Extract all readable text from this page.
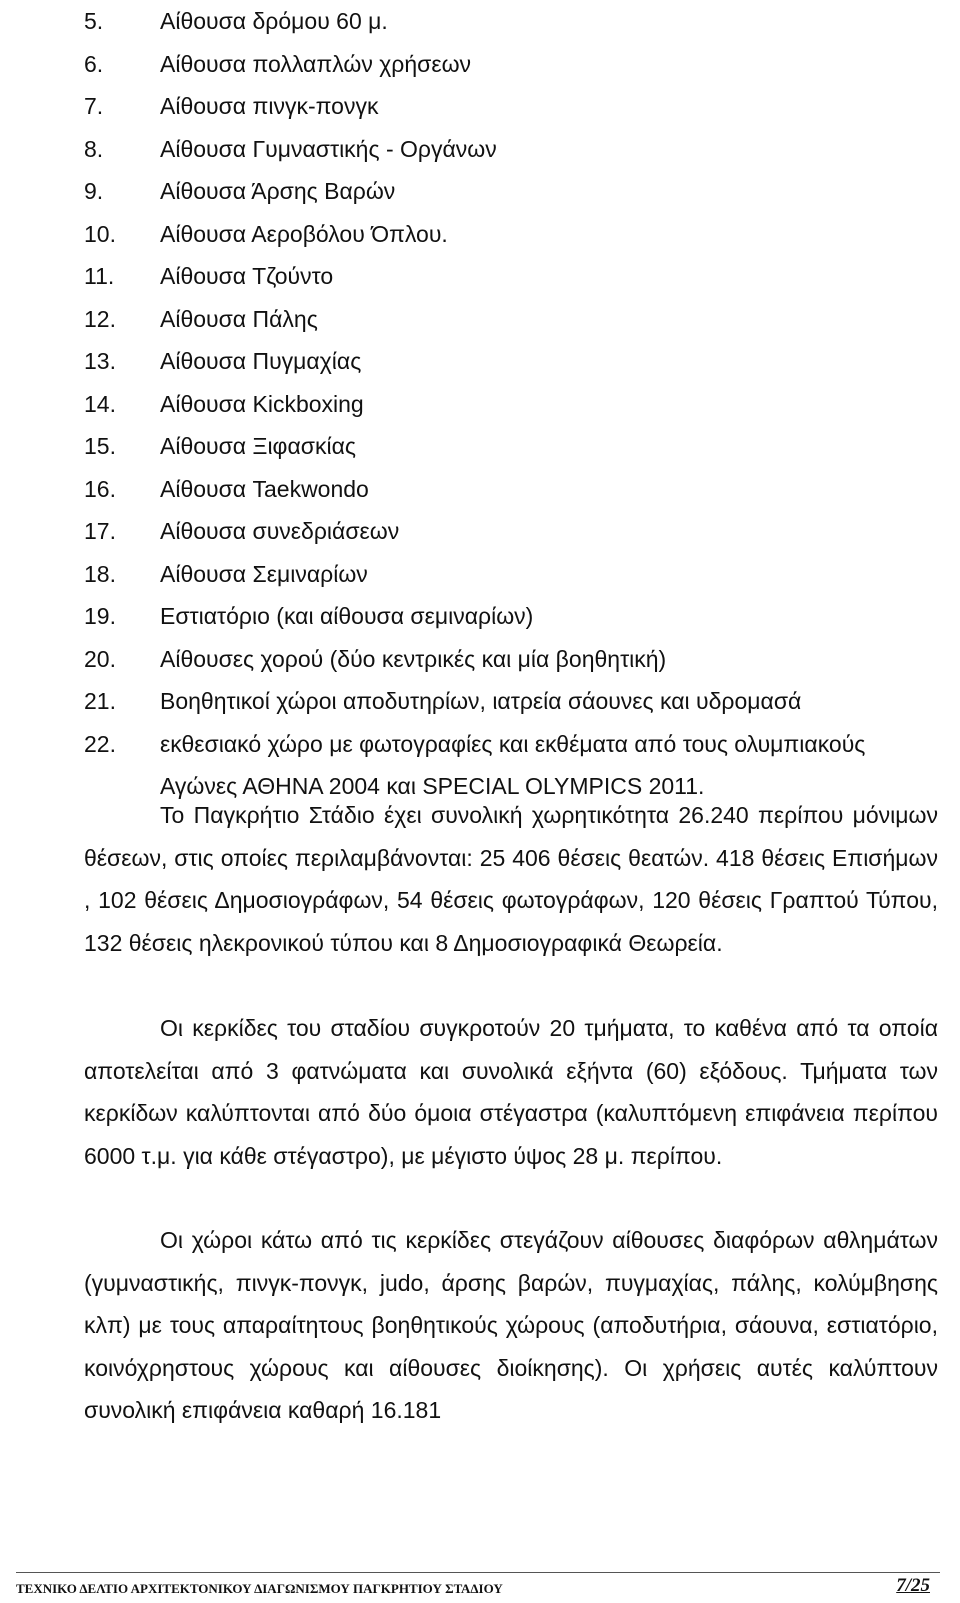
5.	Αίθουσα δρόμου 60 μ.
6.	Αίθουσα πολλαπλών χρήσεων
7.	Αίθουσα πινγκ-πονγκ
8.	Αίθουσα Γυμναστικής - Οργάνων
9.	Αίθουσα Άρσης Βαρών
10.	Αίθουσα Αεροβόλου Όπλου.
11.	Αίθουσα Τζούντο
12.	Αίθουσα Πάλης
13.	Αίθουσα Πυγμαχίας
14.	Αίθουσα Kickboxing
15.	Αίθουσα Ξιφασκίας
16.	Αίθουσα Taekwondo
17.	Αίθουσα συνεδριάσεων
18.	Αίθουσα Σεμιναρίων
19.	Εστιατόριο (και αίθουσα σεμιναρίων)
20.	Αίθουσες χορού (δύο κεντρικές και μία βοηθητική)
21.	Βοηθητικοί χώροι αποδυτηρίων, ιατρεία σάουνες και υδρομασά
22.	εκθεσιακό χώρο με φωτογραφίες και εκθέματα από τους ολυμπιακούς
Αγώνες ΑΘΗΝΑ 2004 και SPECIAL OLYMPICS 2011.

Το Παγκρήτιο Στάδιο έχει συνολική χωρητικότητα 26.240 περίπου μόνιμων θέσεων, στις οποίες περιλαμβάνονται: 25 406 θέσεις θεατών. 418 θέσεις Επισήμων , 102 θέσεις Δημοσιογράφων, 54 θέσεις φωτογράφων, 120 θέσεις Γραπτού Τύπου, 132 θέσεις ηλεκρονικού τύπου και 8 Δημοσιογραφικά Θεωρεία.

Οι κερκίδες του σταδίου συγκροτούν 20 τμήματα, το καθένα από τα οποία αποτελείται από 3 φατνώματα και συνολικά εξήντα (60) εξόδους. Τμήματα των κερκίδων καλύπτονται από δύο όμοια στέγαστρα (καλυπτόμενη επιφάνεια περίπου 6000 τ.μ. για κάθε στέγαστρο), με μέγιστο ύψος 28 μ. περίπου.

Οι χώροι κάτω από τις κερκίδες στεγάζουν αίθουσες διαφόρων αθλημάτων (γυμναστικής, πινγκ-πονγκ, judo, άρσης βαρών, πυγμαχίας, πάλης, κολύμβησης κλπ) με τους απαραίτητους βοηθητικούς χώρους (αποδυτήρια, σάουνα, εστιατόριο, κοινόχρηστους χώρους και αίθουσες διοίκησης). Οι χρήσεις αυτές καλύπτουν συνολική επιφάνεια καθαρή 16.181

ΤΕΧΝΙΚΟ ΔΕΛΤΙΟ ΑΡΧΙΤΕΚΤΟΝΙΚΟΥ ΔΙΑΓΩΝΙΣΜΟΥ ΠΑΓΚΡΗΤΙΟΥ ΣΤΑΔΙΟΥ	7/25
